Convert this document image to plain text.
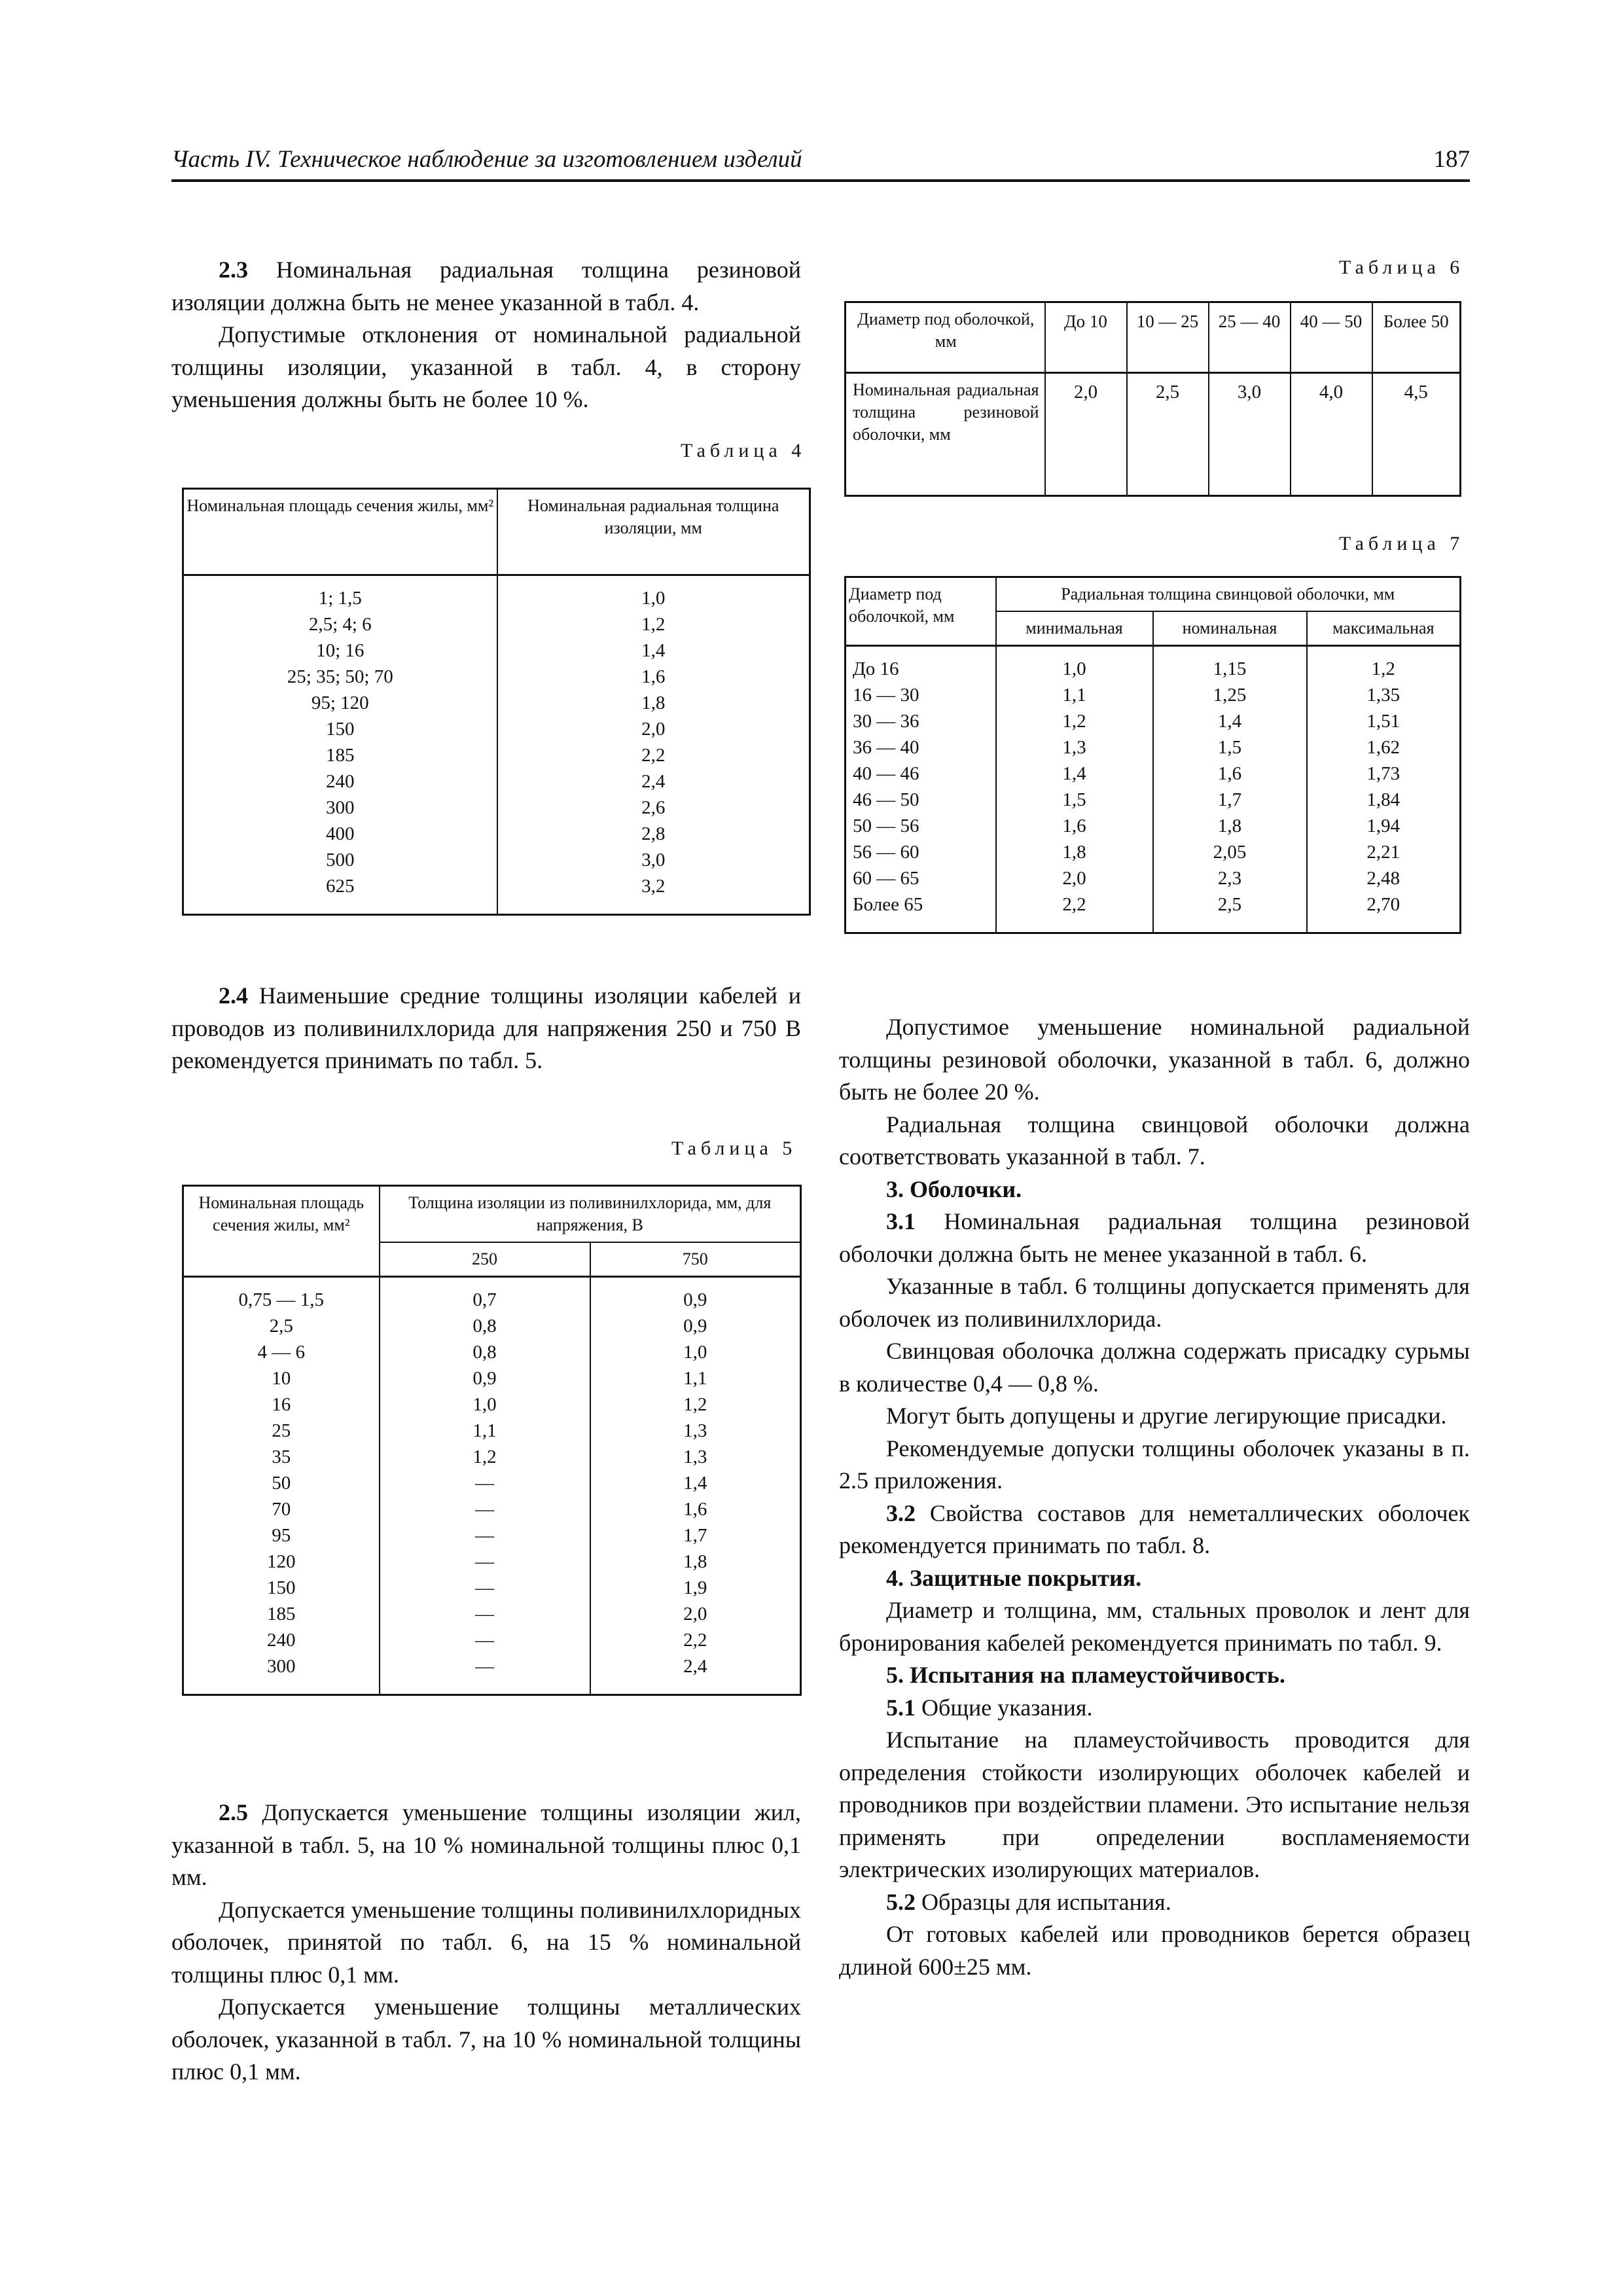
Часть IV. Техническое наблюдение за изготовлением изделий	187

2.3 Номинальная радиальная толщина резиновой изоляции должна быть не менее указанной в табл. 4.

Допустимые отклонения от номинальной радиальной толщины изоляции, указанной в табл. 4, в сторону уменьшения должны быть не более 10 %.

Таблица 4
Номинальная площадь сечения жилы, мм²	Номинальная радиальная толщина изоляции, мм
1; 1,5	1,0
2,5; 4; 6	1,2
10; 16	1,4
25; 35; 50; 70	1,6
95; 120	1,8
150	2,0
185	2,2
240	2,4
300	2,6
400	2,8
500	3,0
625	3,2

2.4 Наименьшие средние толщины изоляции кабелей и проводов из поливинилхлорида для напряжения 250 и 750 В рекомендуется принимать по табл. 5.

Таблица 5
Номинальная площадь сечения жилы, мм²	Толщина изоляции из поливинилхлорида, мм, для напряжения, В	
	250	750
0,75 — 1,5	0,7	0,9
2,5	0,8	0,9
4 — 6	0,8	1,0
10	0,9	1,1
16	1,0	1,2
25	1,1	1,3
35	1,2	1,3
50	—	1,4
70	—	1,6
95	—	1,7
120	—	1,8
150	—	1,9
185	—	2,0
240	—	2,2
300	—	2,4

2.5 Допускается уменьшение толщины изоляции жил, указанной в табл. 5, на 10 % номинальной толщины плюс 0,1 мм.

Допускается уменьшение толщины поливинилхлоридных оболочек, принятой по табл. 6, на 15 % номинальной толщины плюс 0,1 мм.

Допускается уменьшение толщины металлических оболочек, указанной в табл. 7, на 10 % номинальной толщины плюс 0,1 мм.

Таблица 6
Диаметр под оболочкой, мм	До 10	10 — 25	25 — 40	40 — 50	Более 50
Номинальная радиальная толщина резиновой оболочки, мм	2,0	2,5	3,0	4,0	4,5
Таблица 7
Диаметр под оболочкой, мм	Радиальная толщина свинцовой оболочки, мм		
	минимальная	номинальная	максимальная
До 16	1,0	1,15	1,2
16 — 30	1,1	1,25	1,35
30 — 36	1,2	1,4	1,51
36 — 40	1,3	1,5	1,62
40 — 46	1,4	1,6	1,73
46 — 50	1,5	1,7	1,84
50 — 56	1,6	1,8	1,94
56 — 60	1,8	2,05	2,21
60 — 65	2,0	2,3	2,48
Более 65	2,2	2,5	2,70

Допустимое уменьшение номинальной радиальной толщины резиновой оболочки, указанной в табл. 6, должно быть не более 20 %.

Радиальная толщина свинцовой оболочки должна соответствовать указанной в табл. 7.

3. Оболочки.

3.1 Номинальная радиальная толщина резиновой оболочки должна быть не менее указанной в табл. 6.

Указанные в табл. 6 толщины допускается применять для оболочек из поливинилхлорида.

Свинцовая оболочка должна содержать присадку сурьмы в количестве 0,4 — 0,8 %.

Могут быть допущены и другие легирующие присадки.

Рекомендуемые допуски толщины оболочек указаны в п. 2.5 приложения.

3.2 Свойства составов для неметаллических оболочек рекомендуется принимать по табл. 8.

4. Защитные покрытия.

Диаметр и толщина, мм, стальных проволок и лент для бронирования кабелей рекомендуется принимать по табл. 9.

5. Испытания на пламеустойчивость.

5.1 Общие указания.

Испытание на пламеустойчивость проводится для определения стойкости изолирующих оболочек кабелей и проводников при воздействии пламени. Это испытание нельзя применять при определении воспламеняемости электрических изолирующих материалов.

5.2 Образцы для испытания.

От готовых кабелей или проводников берется образец длиной 600±25 мм.
